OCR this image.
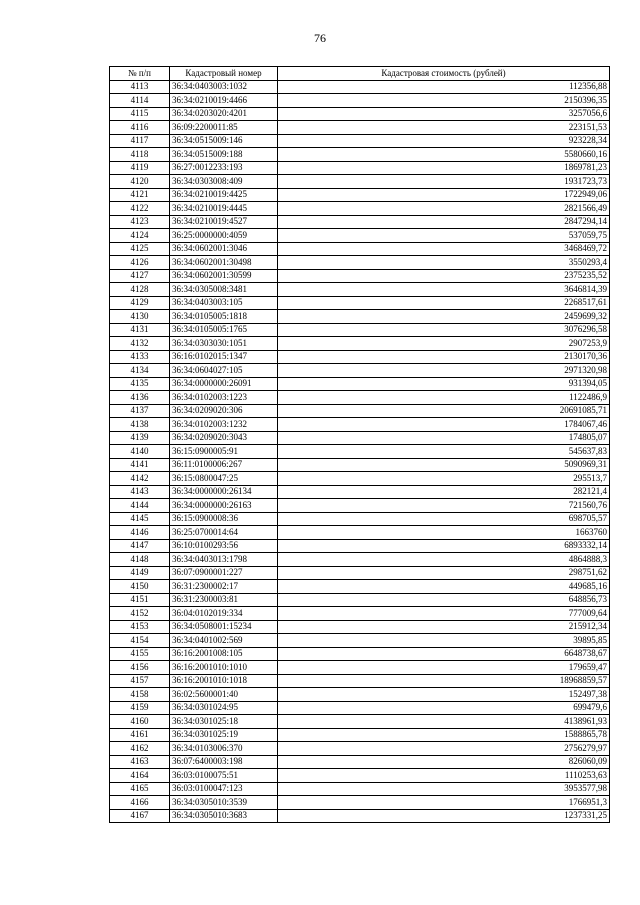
76
№ п/п	Кадастровый номер	Кадастровая стоимость (рублей)
4113	36:34:0403003:1032	112356,88
4114	36:34:0210019:4466	2150396,35
4115	36:34:0203020:4201	3257056,6
4116	36:09:2200011:85	223151,53
4117	36:34:0515009:146	923228,34
4118	36:34:0515009:188	5580660,16
4119	36:27:0012233:193	1869781,23
4120	36:34:0303008:409	1931723,73
4121	36:34:0210019:4425	1722949,06
4122	36:34:0210019:4445	2821566,49
4123	36:34:0210019:4527	2847294,14
4124	36:25:0000000:4059	537059,75
4125	36:34:0602001:3046	3468469,72
4126	36:34:0602001:30498	3550293,4
4127	36:34:0602001:30599	2375235,52
4128	36:34:0305008:3481	3646814,39
4129	36:34:0403003:105	2268517,61
4130	36:34:0105005:1818	2459699,32
4131	36:34:0105005:1765	3076296,58
4132	36:34:0303030:1051	2907253,9
4133	36:16:0102015:1347	2130170,36
4134	36:34:0604027:105	2971320,98
4135	36:34:0000000:26091	931394,05
4136	36:34:0102003:1223	1122486,9
4137	36:34:0209020:306	20691085,71
4138	36:34:0102003:1232	1784067,46
4139	36:34:0209020:3043	174805,07
4140	36:15:0900005:91	545637,83
4141	36:11:0100006:267	5090969,31
4142	36:15:0800047:25	295513,7
4143	36:34:0000000:26134	282121,4
4144	36:34:0000000:26163	721560,76
4145	36:15:0900008:36	698705,57
4146	36:25:0700014:64	1663760
4147	36:10:0100293:56	6893332,14
4148	36:34:0403013:1798	4864888,3
4149	36:07:0900001:227	298751,62
4150	36:31:2300002:17	449685,16
4151	36:31:2300003:81	648856,73
4152	36:04:0102019:334	777009,64
4153	36:34:0508001:15234	215912,34
4154	36:34:0401002:569	39895,85
4155	36:16:2001008:105	6648738,67
4156	36:16:2001010:1010	179659,47
4157	36:16:2001010:1018	18968859,57
4158	36:02:5600001:40	152497,38
4159	36:34:0301024:95	699479,6
4160	36:34:0301025:18	4138961,93
4161	36:34:0301025:19	1588865,78
4162	36:34:0103006:370	2756279,97
4163	36:07:6400003:198	826060,09
4164	36:03:0100075:51	1110253,63
4165	36:03:0100047:123	3953577,98
4166	36:34:0305010:3539	1766951,3
4167	36:34:0305010:3683	1237331,25
